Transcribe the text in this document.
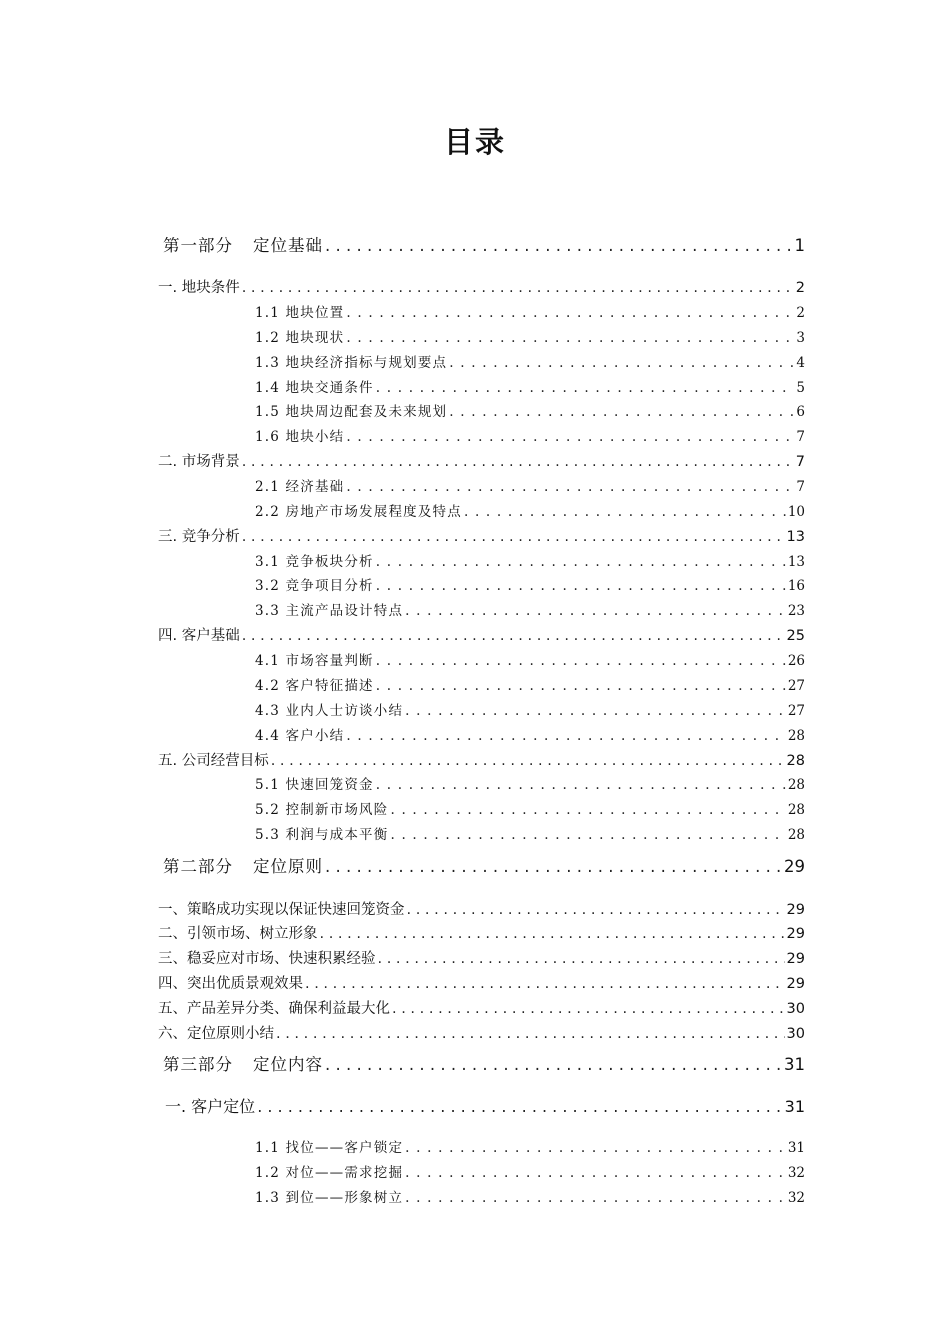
目录
第一部分 定位基础 . . .	1
一. 地块条件 . . .	2
1.1 地块位置 . . .	2
1.2 地块现状 . . .	3
1.3 地块经济指标与规划要点 . . .	4
1.4 地块交通条件 . . .	5
1.5 地块周边配套及未来规划 . . .	6
1.6 地块小结 . . .	7
二. 市场背景 . . .	7
2.1 经济基础 . . .	7
2.2 房地产市场发展程度及特点 . . .	10
三. 竞争分析 . . .	13
3.1 竞争板块分析 . . .	13
3.2 竞争项目分析 . . .	16
3.3 主流产品设计特点 . . .	23
四. 客户基础 . . .	25
4.1 市场容量判断 . . .	26
4.2 客户特征描述 . . .	27
4.3 业内人士访谈小结 . . .	27
4.4 客户小结 . . .	28
五. 公司经营目标 . . .	28
5.1 快速回笼资金 . . .	28
5.2 控制新市场风险 . . .	28
5.3 利润与成本平衡 . . .	28
第二部分 定位原则 . . .	29
一、策略成功实现以保证快速回笼资金 . . .	29
二、引领市场、树立形象 . . .	29
三、稳妥应对市场、快速积累经验 . . .	29
四、突出优质景观效果 . . .	29
五、产品差异分类、确保利益最大化 . . .	30
六、定位原则小结 . . .	30
第三部分 定位内容 . . .	31
一. 客户定位 . . .	31
1.1 找位——客户锁定 . . .	31
1.2 对位——需求挖掘 . . .	32
1.3 到位——形象树立 . . .	32
